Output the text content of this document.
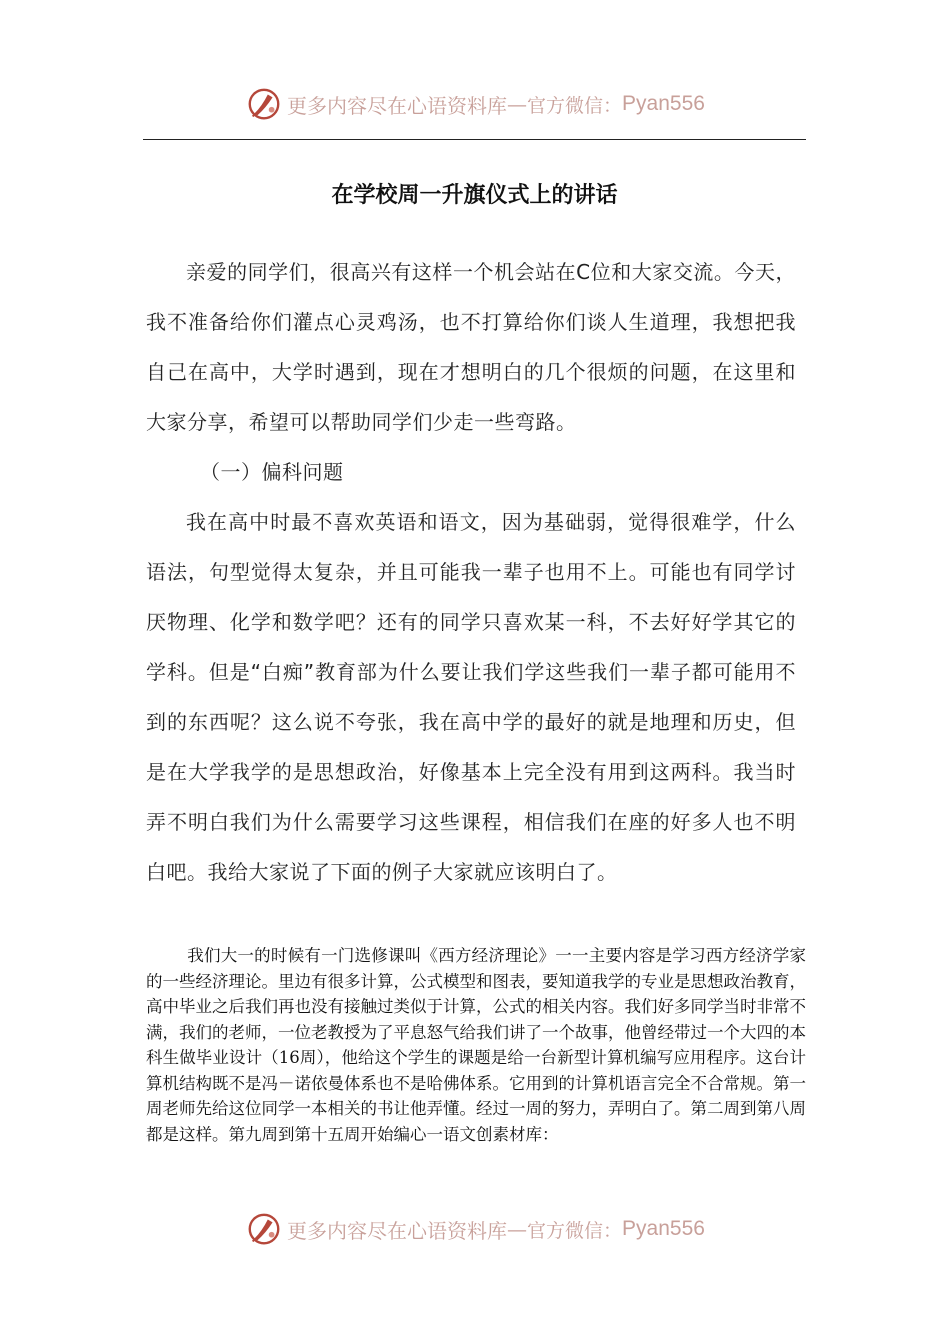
更多内容尽在心语资料库 — 官方微信： Pyan556
在学校周一升旗仪式上的讲话

亲爱的同学们，很高兴有这样一个机会站在C位和大家交流。今天，我不准备给你们灌点心灵鸡汤，也不打算给你们谈人生道理，我想把我自己在高中，大学时遇到，现在才想明白的几个很烦的问题，在这里和大家分享，希望可以帮助同学们少走一些弯路。

（一）偏科问题

我在高中时最不喜欢英语和语文，因为基础弱，觉得很难学，什么语法，句型觉得太复杂，并且可能我一辈子也用不上。可能也有同学讨厌物理、化学和数学吧？还有的同学只喜欢某一科，不去好好学其它的学科。但是“白痴”教育部为什么要让我们学这些我们一辈子都可能用不到的东西呢？这么说不夸张，我在高中学的最好的就是地理和历史，但是在大学我学的是思想政治，好像基本上完全没有用到这两科。我当时弄不明白我们为什么需要学习这些课程，相信我们在座的好多人也不明白吧。我给大家说了下面的例子大家就应该明白了。

我们大一的时候有一门选修课叫《西方经济理论》一一主要内容是学习西方经济学家的一些经济理论。里边有很多计算，公式模型和图表，要知道我学的专业是思想政治教育，高中毕业之后我们再也没有接触过类似于计算，公式的相关内容。我们好多同学当时非常不满，我们的老师，一位老教授为了平息怒气给我们讲了一个故事，他曾经带过一个大四的本科生做毕业设计（16周），他给这个学生的课题是给一台新型计算机编写应用程序。这台计算机结构既不是冯－诺依曼体系也不是哈佛体系。它用到的计算机语言完全不合常规。第一周老师先给这位同学一本相关的书让他弄懂。经过一周的努力，弄明白了。第二周到第八周都是这样。第九周到第十五周开始编心一语文创素材库：

更多内容尽在心语资料库 — 官方微信： Pyan556
